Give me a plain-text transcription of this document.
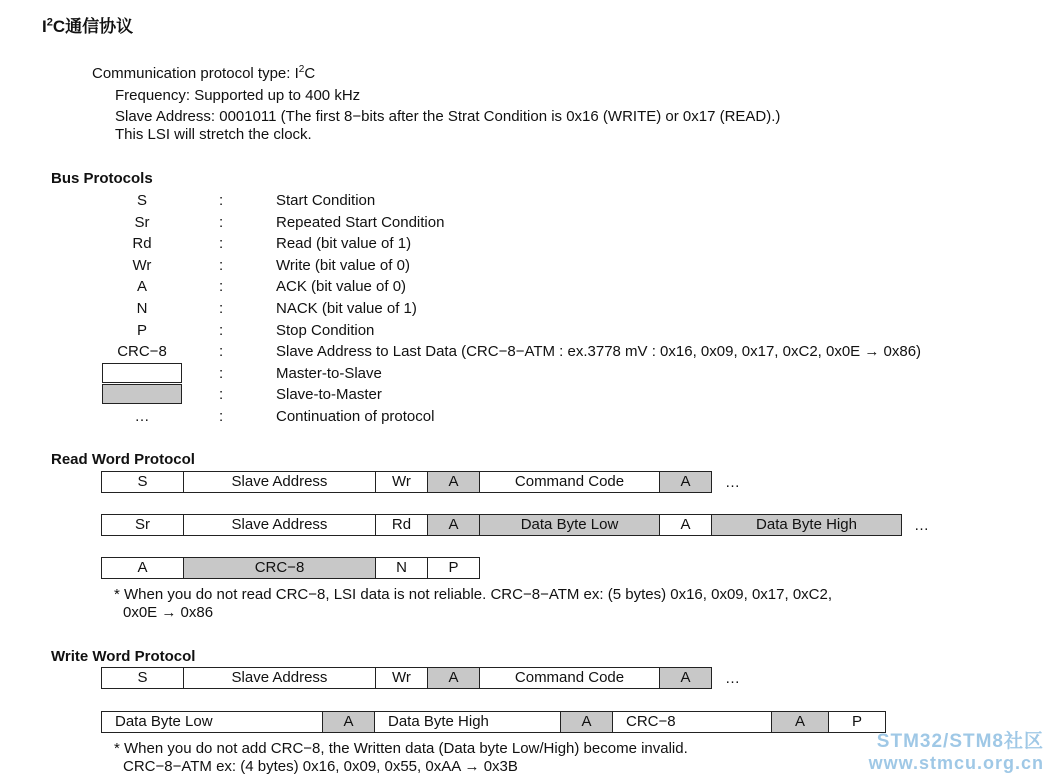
$I^2C$通信协议
Communication protocol type: $I^2C$
Frequency: Supported up to 400 kHz
Slave Address: 0001011 (The first 8−bits after the Strat Condition is 0x16 (WRITE) or 0x17 (READ).)
This LSI will stretch the clock.
Bus Protocols
S	:	Start Condition
Sr	:	Repeated Start Condition
Rd	:	Read (bit value of 1)
Wr	:	Write (bit value of 0)
A	:	ACK (bit value of 0)
N	:	NACK (bit value of 1)
P	:	Stop Condition
CRC−8	:	Slave Address to Last Data (CRC−8−ATM : ex.3778 mV : 0x16, 0x09, 0x17, 0xC2, 0x0E → 0x86)
:	Master-to-Slave
:	Slave-to-Master
…	:	Continuation of protocol
Read Word Protocol
S	Slave Address	Wr	A	Command Code	A	…
Sr	Slave Address	Rd	A	Data Byte Low	A	Data Byte High	…
A	CRC−8	N	P
* When you do not read CRC−8, LSI data is not reliable. CRC−8−ATM ex: (5 bytes) 0x16, 0x09, 0x17, 0xC2,
0x0E → 0x86
Write Word Protocol
S	Slave Address	Wr	A	Command Code	A	…
Data Byte Low	A	Data Byte High	A	CRC−8	A	P
* When you do not add CRC−8, the Written data (Data byte Low/High) become invalid.
CRC−8−ATM ex: (4 bytes) 0x16, 0x09, 0x55, 0xAA → 0x3B
STM32/STM8社区
www.stmcu.org.cn
